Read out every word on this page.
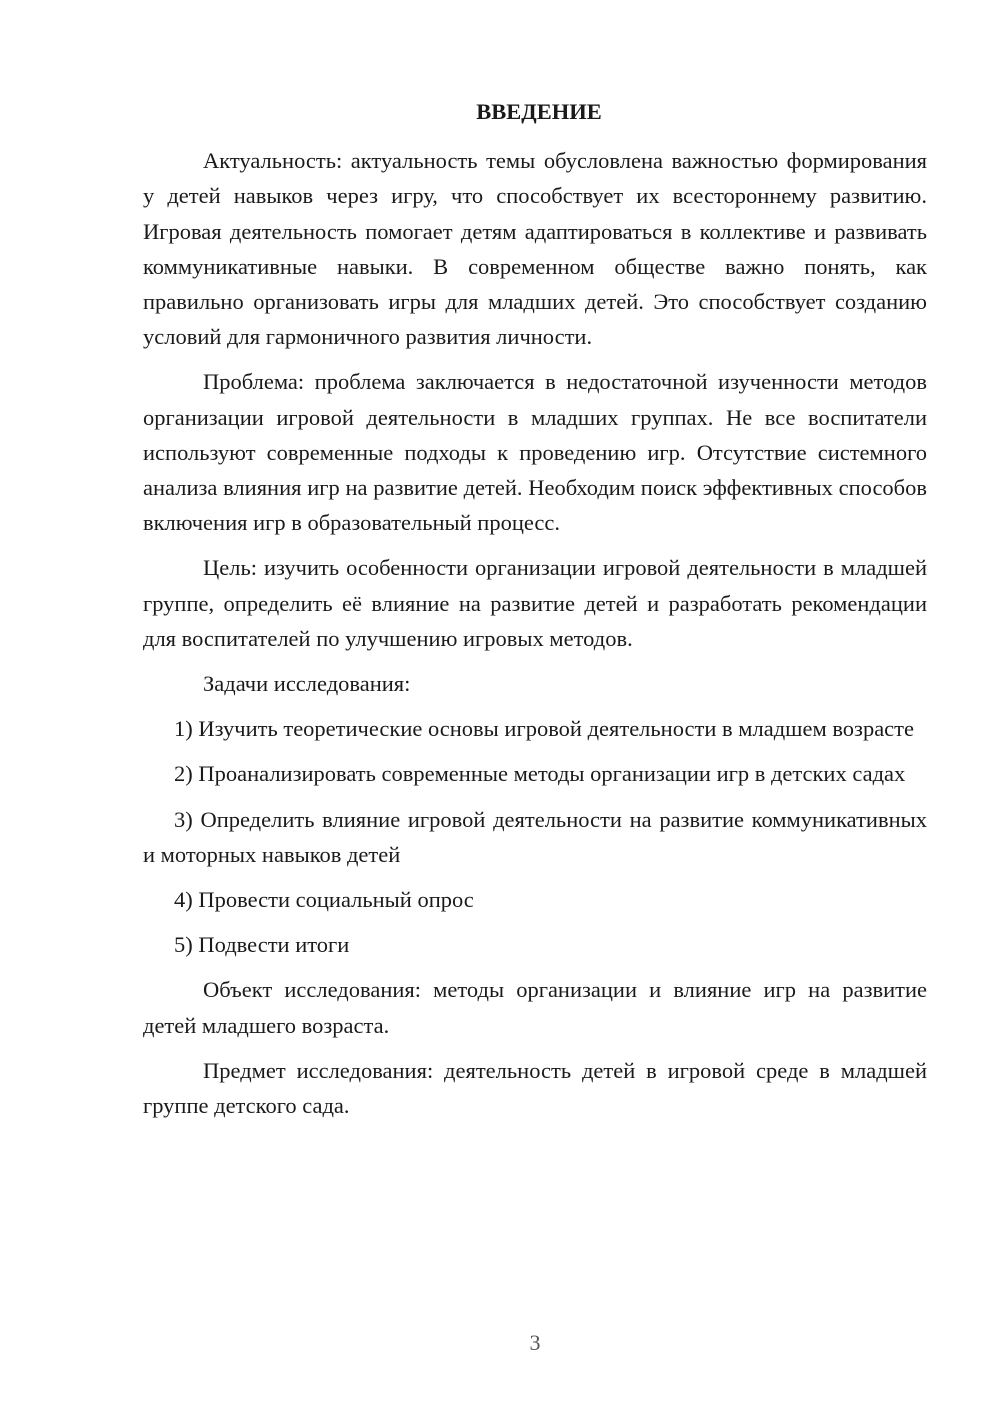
ВВЕДЕНИЕ

Актуальность: актуальность темы обусловлена важностью формирования у детей навыков через игру, что способствует их всестороннему развитию. Игровая деятельность помогает детям адаптироваться в коллективе и развивать коммуникативные навыки. В современном обществе важно понять, как правильно организовать игры для младших детей. Это способствует созданию условий для гармоничного развития личности.

Проблема: проблема заключается в недостаточной изученности методов организации игровой деятельности в младших группах. Не все воспитатели используют современные подходы к проведению игр. Отсутствие системного анализа влияния игр на развитие детей. Необходим поиск эффективных способов включения игр в образовательный процесс.

Цель: изучить особенности организации игровой деятельности в младшей группе, определить её влияние на развитие детей и разработать рекомендации для воспитателей по улучшению игровых методов.

Задачи исследования:

1) Изучить теоретические основы игровой деятельности в младшем возрасте

2) Проанализировать современные методы организации игр в детских садах

3) Определить влияние игровой деятельности на развитие коммуникативных и моторных навыков детей

4) Провести социальный опрос

5) Подвести итоги

Объект исследования: методы организации и влияние игр на развитие детей младшего возраста.

Предмет исследования: деятельность детей в игровой среде в младшей группе детского сада.

3
